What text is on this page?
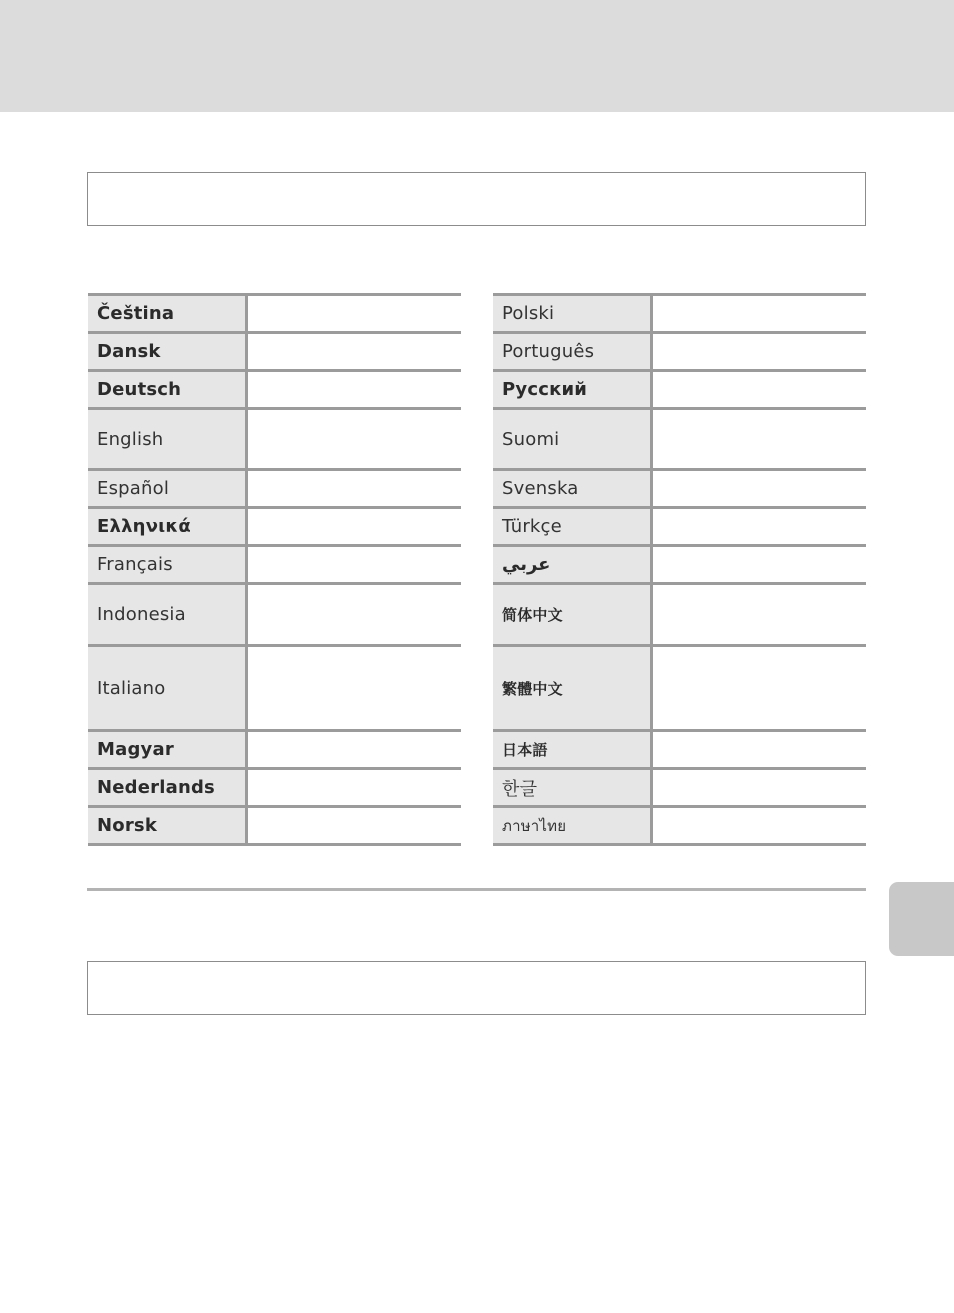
Čeština	
Dansk	
Deutsch	
English	
Español	
Ελληνικά	
Français	
Indonesia	
Italiano	
Magyar	
Nederlands	
Norsk	
Polski	
Português	
Русский	
Suomi	
Svenska	
Türkçe	
عربي	
简体中文	
繁體中文	
日本語	
한글	
ภาษาไทย	
